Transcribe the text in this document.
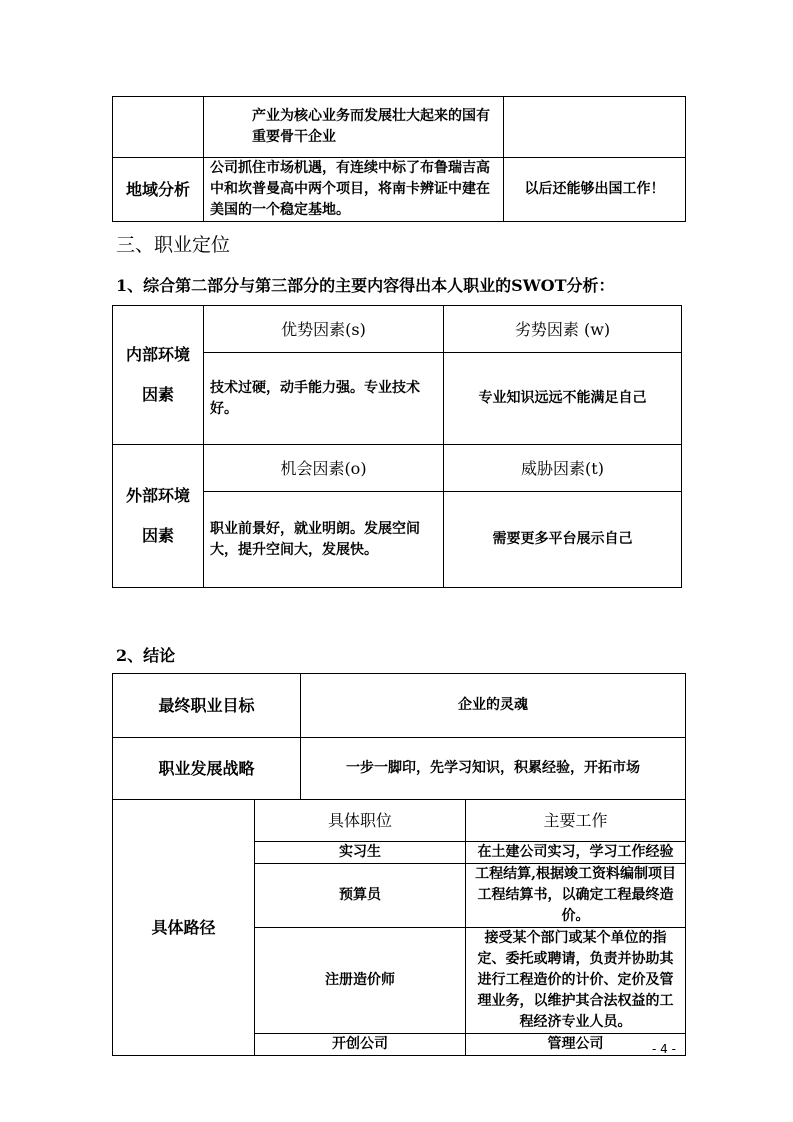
	产业为核心业务而发展壮大起来的国有重要骨干企业	
地域分析	公司抓住市场机遇，有连续中标了布鲁瑞吉高中和坎普曼高中两个项目，将南卡辨证中建在美国的一个稳定基地。	以后还能够出国工作！
三、职业定位
1、综合第二部分与第三部分的主要内容得出本人职业的SWOT分析：
内部环境因素	优势因素(s)	劣势因素 (w)
	技术过硬，动手能力强。专业技术好。	专业知识远远不能满足自己
外部环境因素	机会因素(o)	威胁因素(t)
	职业前景好，就业明朗。发展空间大，提升空间大，发展快。	需要更多平台展示自己
2、结论
最终职业目标		企业的灵魂	
职业发展战略		一步一脚印，先学习知识，积累经验，开拓市场	
具体路径	具体职位		主要工作
	实习生		在土建公司实习，学习工作经验
	预算员		工程结算,根据竣工资料编制项目工程结算书，以确定工程最终造价。
	注册造价师		接受某个部门或某个单位的指定、委托或聘请，负责并协助其进行工程造价的计价、定价及管理业务，以维护其合法权益的工程经济专业人员。
	开创公司		管理公司	- 4 -
